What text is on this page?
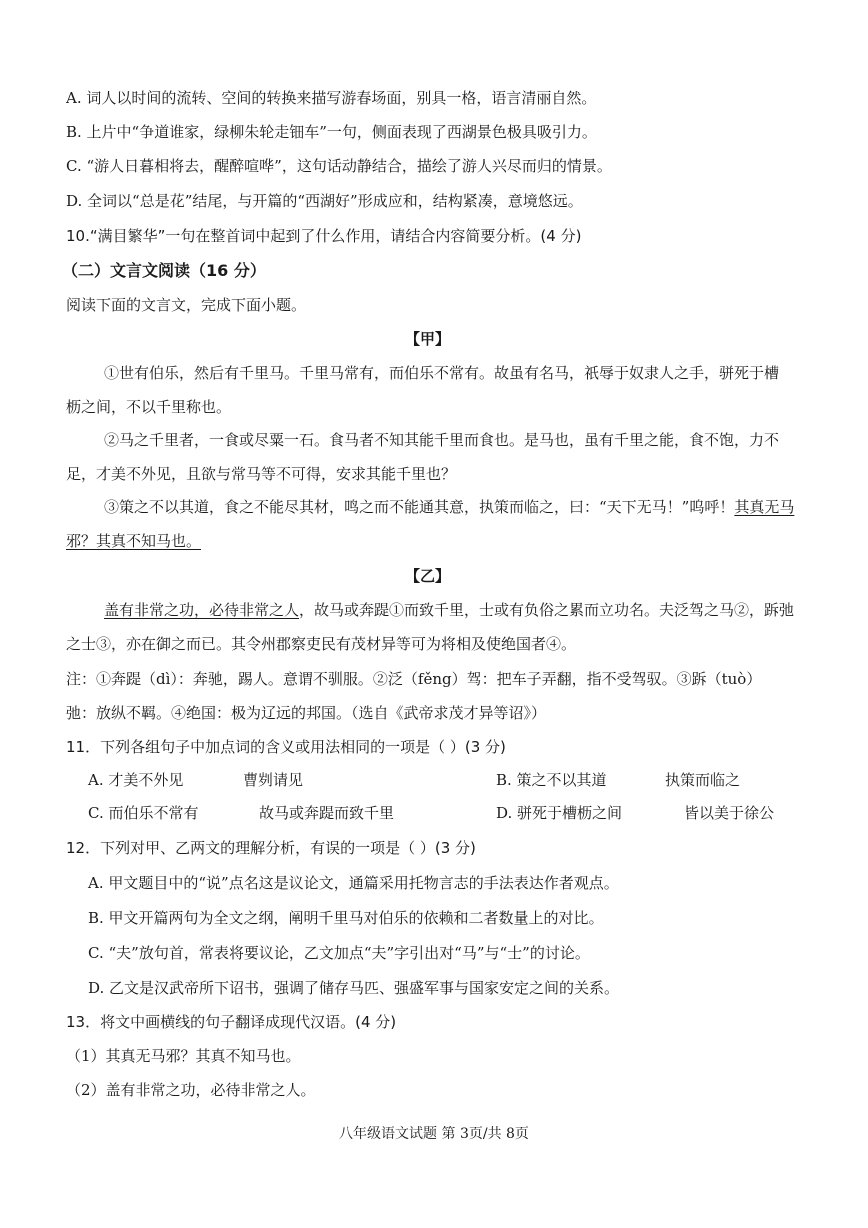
A. 词人以时间的流转、空间的转换来描写游春场面，别具一格，语言清丽自然。
B. 上片中“争道谁家，绿柳朱轮走钿车”一句，侧面表现了西湖景色极具吸引力。
C. “游人日暮相将去，醒醉喧哗”，这句话动静结合，描绘了游人兴尽而归的情景。
D. 全词以“总是花”结尾，与开篇的“西湖好”形成应和，结构紧凑，意境悠远。
10.“满目繁华”一句在整首词中起到了什么作用，请结合内容简要分析。(4 分)
（二）文言文阅读（16 分）
阅读下面的文言文，完成下面小题。
【甲】
①世有伯乐，然后有千里马。千里马常有，而伯乐不常有。故虽有名马，祇辱于奴隶人之手，骈死于槽
枥之间，不以千里称也。
②马之千里者，一食或尽粟一石。食马者不知其能千里而食也。是马也，虽有千里之能，食不饱，力不
足，才美不外见，且欲与常马等不可得，安求其能千里也？
③策之不以其道，食之不能尽其材，鸣之而不能通其意，执策而临之，曰：“天下无马！”呜呼！其真无马
邪？其真不知马也。
【乙】
盖有非常之功，必待非常之人，故马或奔踶①而致千里，士或有负俗之累而立功名。夫泛驾之马②，跅弛
之士③，亦在御之而已。其令州郡察吏民有茂材异等可为将相及使绝国者④。
注：①奔踶（dì）：奔驰，踢人。意谓不驯服。②泛（fěng）驾：把车子弄翻，指不受驾驭。③跅（tuò）
弛：放纵不羁。④绝国：极为辽远的邦国。（选自《武帝求茂才异等诏》）
11．下列各组句子中加点词的含义或用法相同的一项是（ ）(3 分)
A. 才美不外见	曹刿请见	B. 策之不以其道	执策而临之
C. 而伯乐不常有	故马或奔踶而致千里	D. 骈死于槽枥之间	皆以美于徐公
12．下列对甲、乙两文的理解分析，有误的一项是（ ）(3 分)
A. 甲文题目中的“说”点名这是议论文，通篇采用托物言志的手法表达作者观点。
B. 甲文开篇两句为全文之纲，阐明千里马对伯乐的依赖和二者数量上的对比。
C. “夫”放句首，常表将要议论，乙文加点“夫”字引出对“马”与“士”的讨论。
D. 乙文是汉武帝所下诏书，强调了储存马匹、强盛军事与国家安定之间的关系。
13．将文中画横线的句子翻译成现代汉语。(4 分)
（1）其真无马邪？其真不知马也。
（2）盖有非常之功，必待非常之人。
八年级语文试题 第 3页/共 8页
